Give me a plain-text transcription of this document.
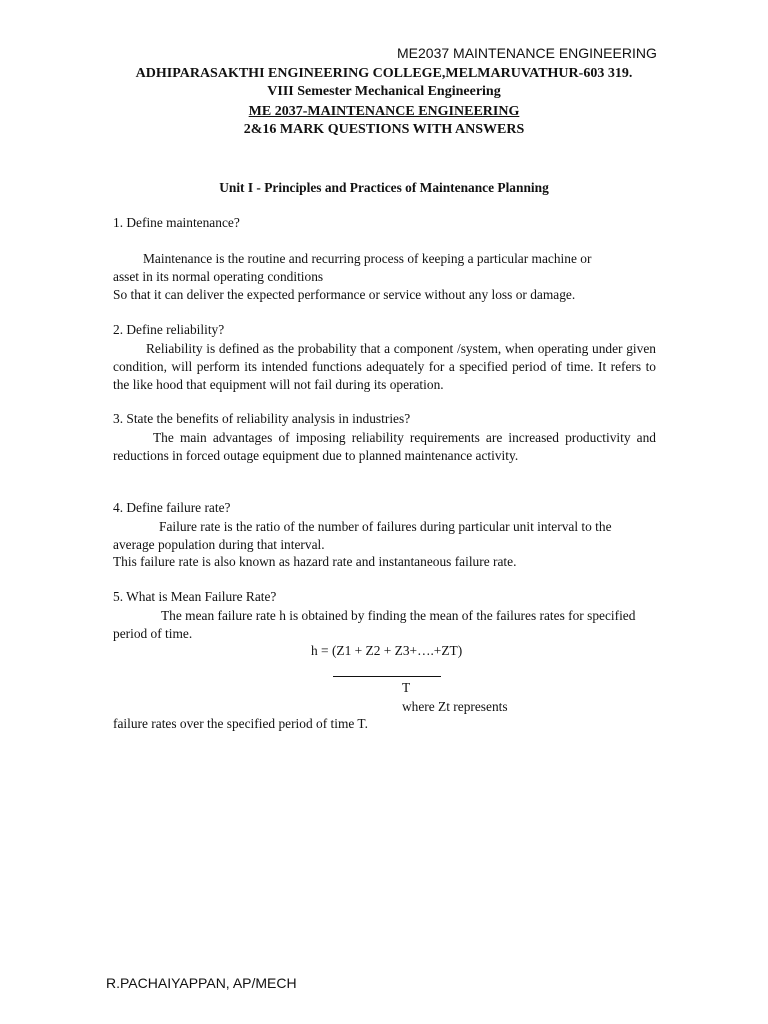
ME2037 MAINTENANCE ENGINEERING
ADHIPARASAKTHI ENGINEERING COLLEGE,MELMARUVATHUR-603 319.
VIII Semester Mechanical Engineering
ME 2037-MAINTENANCE ENGINEERING
2&16 MARK QUESTIONS WITH ANSWERS
Unit I - Principles and Practices of Maintenance Planning
1. Define maintenance?
Maintenance is the routine and recurring process of keeping a particular machine or
asset in its normal operating conditions
So that it can deliver the expected performance or service without any loss or damage.
2. Define reliability?
Reliability is defined as the probability that a component /system, when operating under given condition, will perform its intended functions adequately for a specified period of time. It refers to the like hood that equipment will not fail during its operation.
3. State the benefits of reliability analysis in industries?
The main advantages of imposing reliability requirements are increased productivity and reductions in forced outage equipment due to planned maintenance activity.
4. Define failure rate?
Failure rate is the ratio of the number of failures during particular unit interval to the average population during that interval.
This failure rate is also known as hazard rate and instantaneous failure rate.
5. What is Mean Failure Rate?
The mean failure rate h is obtained by finding the mean of the failures rates for specified period of time.
h = (Z1 + Z2 + Z3+….+ZT)
T
where Zt represents
failure rates over the specified period of time T.
R.PACHAIYAPPAN, AP/MECH
